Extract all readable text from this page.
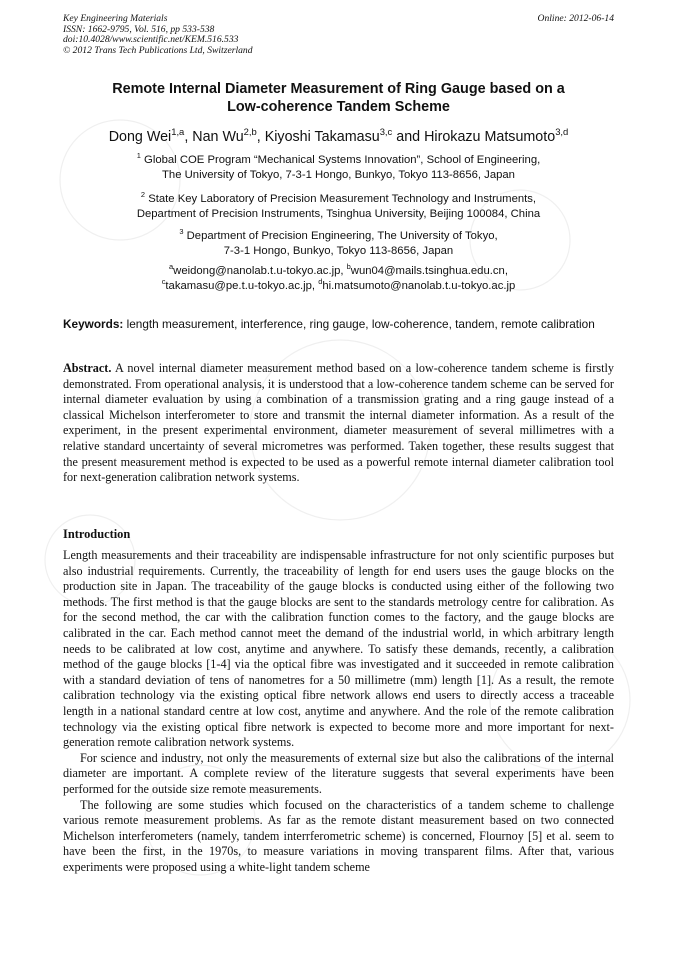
Key Engineering Materials
ISSN: 1662-9795, Vol. 516, pp 533-538
doi:10.4028/www.scientific.net/KEM.516.533
© 2012 Trans Tech Publications Ltd, Switzerland
Online: 2012-06-14
Remote Internal Diameter Measurement of Ring Gauge based on a
Low-coherence Tandem Scheme
Dong Wei$^{1,a}$, Nan Wu$^{2,b}$, Kiyoshi Takamasu$^{3,c}$ and Hirokazu Matsumoto$^{3,d}$
$^1$ Global COE Program “Mechanical Systems Innovation”, School of Engineering,
The University of Tokyo, 7-3-1 Hongo, Bunkyo, Tokyo 113-8656, Japan
$^2$ State Key Laboratory of Precision Measurement Technology and Instruments,
Department of Precision Instruments, Tsinghua University, Beijing 100084, China
$^3$ Department of Precision Engineering, The University of Tokyo,
7-3-1 Hongo, Bunkyo, Tokyo 113-8656, Japan
$^a$weidong@nanolab.t.u-tokyo.ac.jp, $^b$wun04@mails.tsinghua.edu.cn,
$^c$takamasu@pe.t.u-tokyo.ac.jp, $^d$hi.matsumoto@nanolab.t.u-tokyo.ac.jp
Keywords: length measurement, interference, ring gauge, low-coherence, tandem, remote calibration

Abstract. A novel internal diameter measurement method based on a low-coherence tandem scheme is firstly demonstrated. From operational analysis, it is understood that a low-coherence tandem scheme can be served for internal diameter evaluation by using a combination of a transmission grating and a ring gauge instead of a classical Michelson interferometer to store and transmit the internal diameter information. As a result of the experiment, in the present experimental environment, diameter measurement of several millimetres with a relative standard uncertainty of several micrometres was performed. Taken together, these results suggest that the present measurement method is expected to be used as a powerful remote internal diameter calibration tool for next-generation calibration network systems.

Introduction

Length measurements and their traceability are indispensable infrastructure for not only scientific purposes but also industrial requirements. Currently, the traceability of length for end users uses the gauge blocks on the production site in Japan. The traceability of the gauge blocks is conducted using either of the following two methods. The first method is that the gauge blocks are sent to the standards metrology centre for calibration. As for the second method, the car with the calibration function comes to the factory, and the gauge blocks are calibrated in the car. Each method cannot meet the demand of the industrial world, in which arbitrary length needs to be calibrated at low cost, anytime and anywhere. To satisfy these demands, recently, a calibration method of the gauge blocks [1-4] via the optical fibre was investigated and it succeeded in remote calibration with a standard deviation of tens of nanometres for a 50 millimetre (mm) length [1]. As a result, the remote calibration technology via the existing optical fibre network allows end users to directly access a traceable length in a national standard centre at low cost, anytime and anywhere. And the role of the remote calibration technology via the existing optical fibre network is expected to become more and more important for next-generation remote calibration network systems.

For science and industry, not only the measurements of external size but also the calibrations of the internal diameter are important. A complete review of the literature suggests that several experiments have been performed for the outside size remote measurements.

The following are some studies which focused on the characteristics of a tandem scheme to challenge various remote measurement problems. As far as the remote distant measurement based on two connected Michelson interferometers (namely, tandem interrferometric scheme) is concerned, Flournoy [5] et al. seem to have been the first, in the 1970s, to measure variations in moving transparent films. After that, various experiments were proposed using a white-light tandem scheme
